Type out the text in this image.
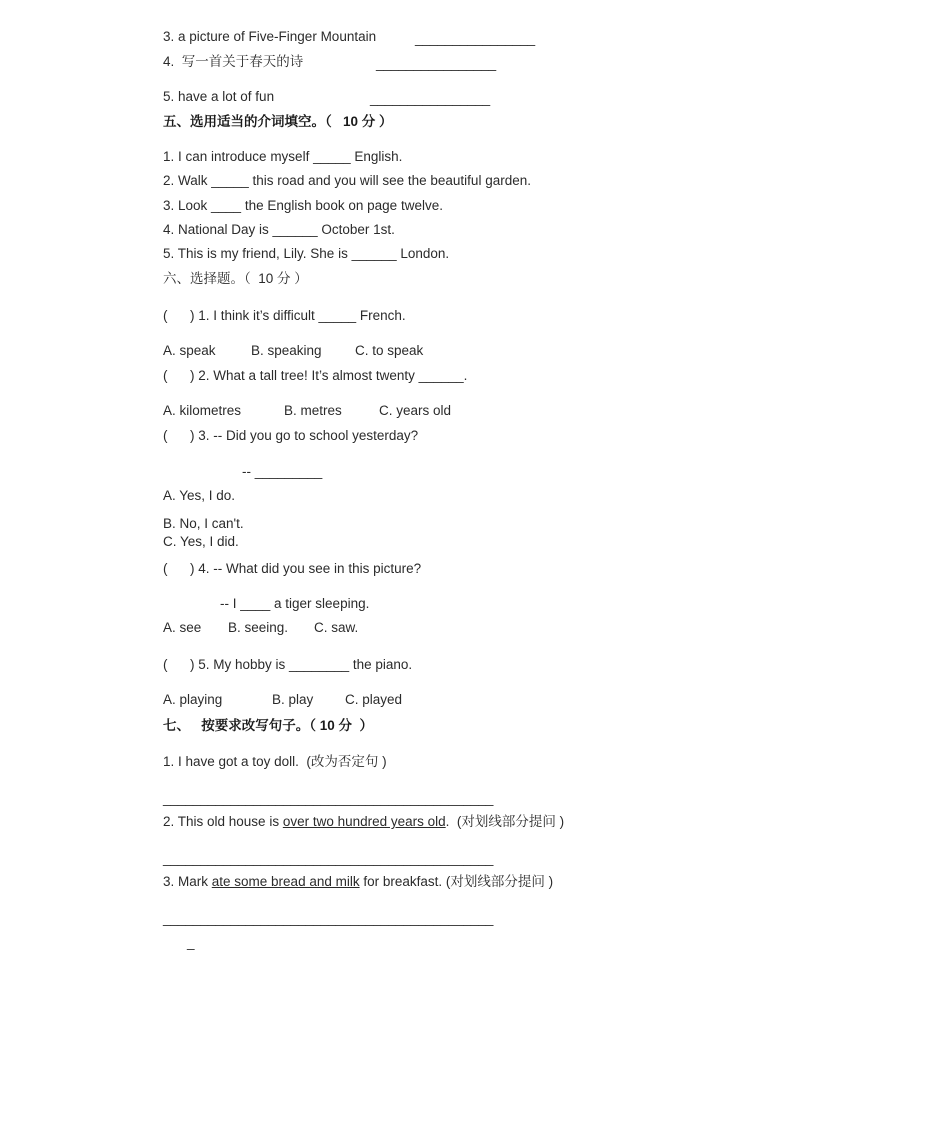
3. a picture of Five-Finger Mountain	________________
4.  写一首关于春天的诗	________________
5. have a lot of fun	________________
五、选用适当的介词填空。（   10 分 ）
1. I can introduce myself _____ English.
2. Walk _____ this road and you will see the beautiful garden.
3. Look ____ the English book on page twelve.
4. National Day is ______ October 1st.
5. This is my friend, Lily. She is ______ London.
六、选择题。（  10 分 ）
(      ) 1. I think it’s difficult _____ French.
A. speak	B. speaking C. to speak
(      ) 2. What a tall tree! It’s almost twenty ______.
A. kilometres	B. metres	C. years old
(      ) 3. -- Did you go to school yesterday?
-- _________
A. Yes, I do.
B. No, I can't.
C. Yes, I did.
(      ) 4. -- What did you see in this picture?
-- I ____ a tiger sleeping.
A. see B. seeing. C. saw.
(      ) 5. My hobby is ________ the piano.
A. playing	B. play C. played
七、   按要求改写句子。（ 10 分  ）
1. I have got a toy doll.  (改为否定句 )
____________________________________________
2. This old house is over two hundred years old.  (对划线部分提问 )
____________________________________________
3. Mark ate some bread and milk for breakfast. (对划线部分提问 )
____________________________________________
_
